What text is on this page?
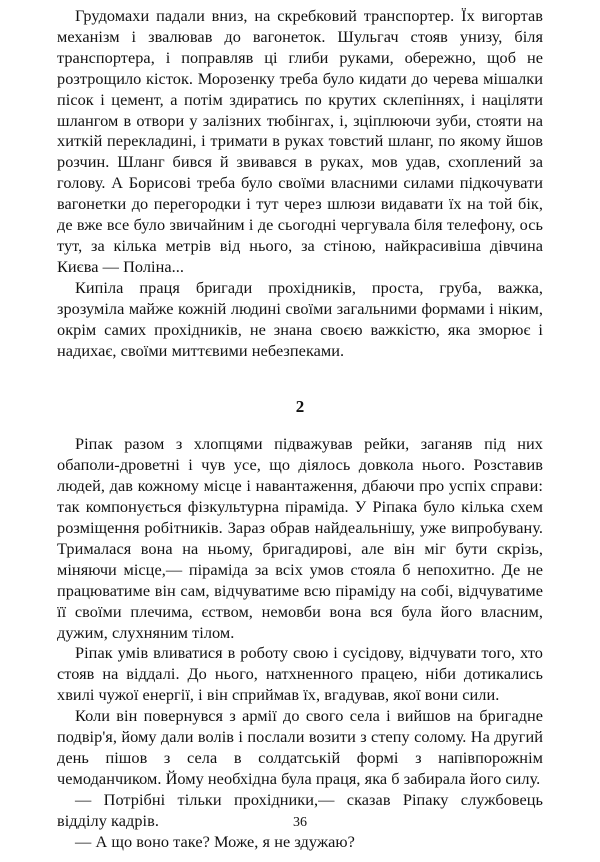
Грудомахи падали вниз, на скребковий транспортер. Їх вигортав механізм і звалював до вагонеток. Шульгач стояв унизу, біля транспортера, і поправляв ці глиби руками, обережно, щоб не розтрощило кісток. Морозенку треба було кидати до черева мішалки пісок і цемент, а потім здиратись по крутих склепіннях, і націляти шлангом в отвори у залізних тюбінгах, і, зціплюючи зуби, стояти на хиткій перекладині, і тримати в руках товстий шланг, по якому йшов розчин. Шланг бився й звивався в руках, мов удав, схоплений за голову. А Борисові треба було своїми власними силами підкочувати вагонетки до перегородки і тут через шлюзи видавати їх на той бік, де вже все було звичайним і де сьогодні чергувала біля телефону, ось тут, за кілька метрів від нього, за стіною, найкрасивіша дівчина Києва — Поліна...

Кипіла праця бригади прохідників, проста, груба, важка, зрозуміла майже кожній людині своїми загальними формами і ніким, окрім самих прохідників, не знана своєю важкістю, яка зморює і надихає, своїми миттєвими небезпеками.

2

Ріпак разом з хлопцями підважував рейки, заганяв під них обаполи-дроветні і чув усе, що діялось довкола нього. Розставив людей, дав кожному місце і навантаження, дбаючи про успіх справи: так компонується фізкультурна піраміда. У Ріпака було кілька схем розміщення робітників. Зараз обрав найдеальнішу, уже випробувану. Трималася вона на ньому, бригадирові, але він міг бути скрізь, міняючи місце,— піраміда за всіх умов стояла б непохитно. Де не працюватиме він сам, відчуватиме всю піраміду на собі, відчуватиме її своїми плечима, єством, немовби вона вся була його власним, дужим, слухняним тілом.

Ріпак умів вливатися в роботу свою і сусідову, відчувати того, хто стояв на віддалі. До нього, натхненного працею, ніби дотикались хвилі чужої енергії, і він сприймав їх, вгадував, якої вони сили.

Коли він повернувся з армії до свого села і вийшов на бригадне подвір'я, йому дали волів і послали возити з степу солому. На другий день пішов з села в солдатській формі з напівпорожнім чемоданчиком. Йому необхідна була праця, яка б забирала його силу.

— Потрібні тільки прохідники,— сказав Ріпаку службовець відділу кадрів.

— А що воно таке? Може, я не здужаю?

36
